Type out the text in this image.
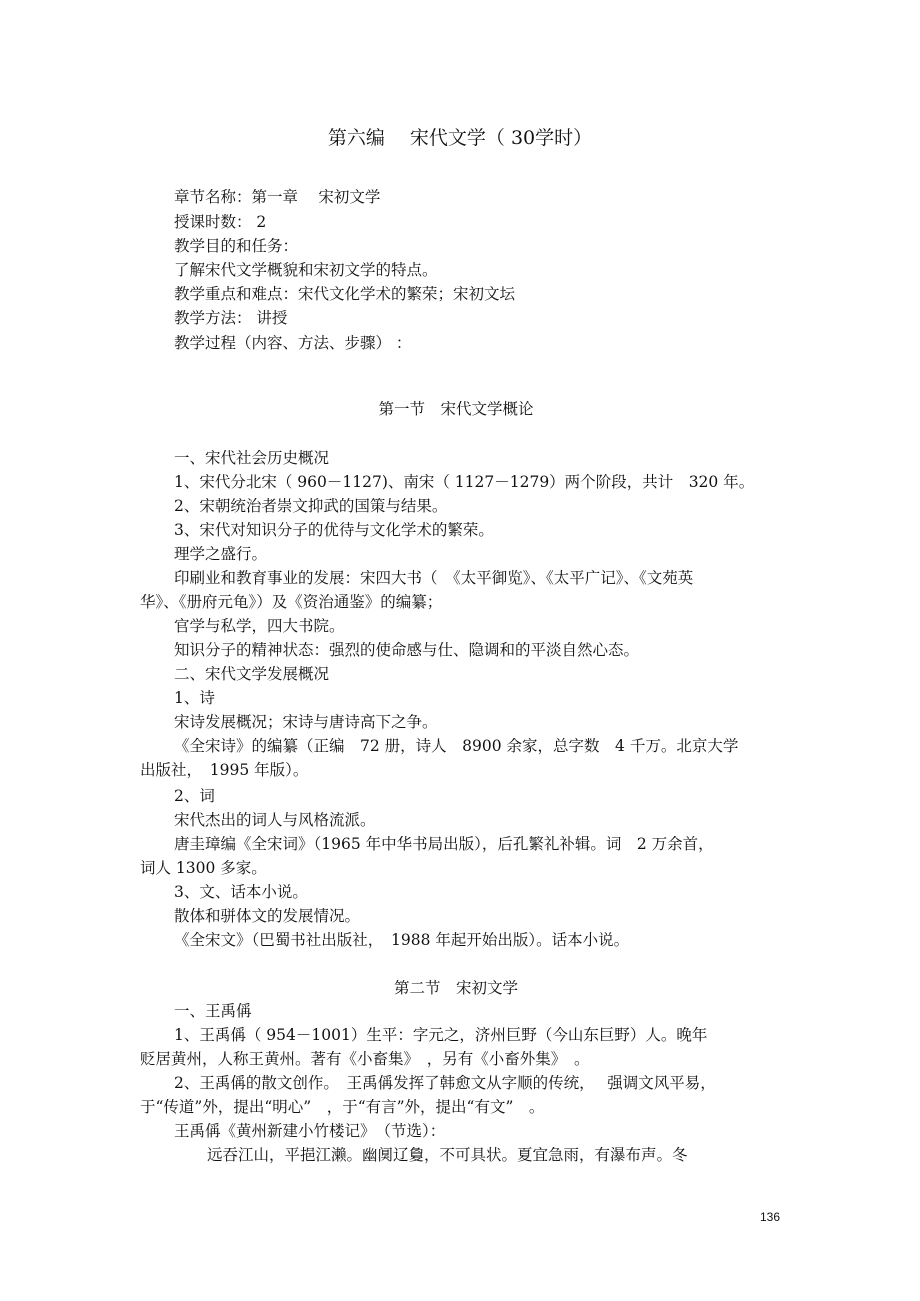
第六编　 宋代文学（ 30学时）
章节名称：第一章　 宋初文学
授课时数： 2
教学目的和任务：
了解宋代文学概貌和宋初文学的特点。
教学重点和难点：宋代文化学术的繁荣；宋初文坛
教学方法： 讲授
教学过程（内容、方法、步骤） ：
第一节　宋代文学概论
一、宋代社会历史概况
1、宋代分北宋（ 960－1127)、南宋（ 1127－1279）两个阶段，共计　320 年。
2、宋朝统治者崇文抑武的国策与结果。
3、宋代对知识分子的优待与文化学术的繁荣。
理学之盛行。
印刷业和教育事业的发展：宋四大书（　《太平御览》、《太平广记》、《文苑英
华》、《册府元龟》）及《资治通鉴》的编纂；
官学与私学，四大书院。
知识分子的精神状态：强烈的使命感与仕、隐调和的平淡自然心态。
二、宋代文学发展概况
1、诗
宋诗发展概况；宋诗与唐诗高下之争。
《全宋诗》的编纂（正编　72 册，诗人　8900 余家，总字数　4 千万。北京大学
出版社，　1995 年版）。
2、词
宋代杰出的词人与风格流派。
唐圭璋编《全宋词》（1965 年中华书局出版），后孔繁礼补辑。词　2 万余首，
词人 1300 多家。
3、文、话本小说。
散体和骈体文的发展情况。
《全宋文》（巴蜀书社出版社，　1988 年起开始出版）。话本小说。
第二节　宋初文学
一、王禹偁
1、王禹偁（ 954－1001）生平：字元之，济州巨野（今山东巨野）人。晚年
贬居黄州，人称王黄州。著有《小畜集》　，另有《小畜外集》　。
2、王禹偁的散文创作。　王禹偁发挥了韩愈文从字顺的传统，　 强调文风平易，
于“传道”外，提出“明心”　，于“有言”外，提出“有文”　。
王禹偁《黄州新建小竹楼记》　（节选）：
远吞江山，平挹江濑。幽阒辽敻，不可具状。夏宜急雨，有瀑布声。冬
136
